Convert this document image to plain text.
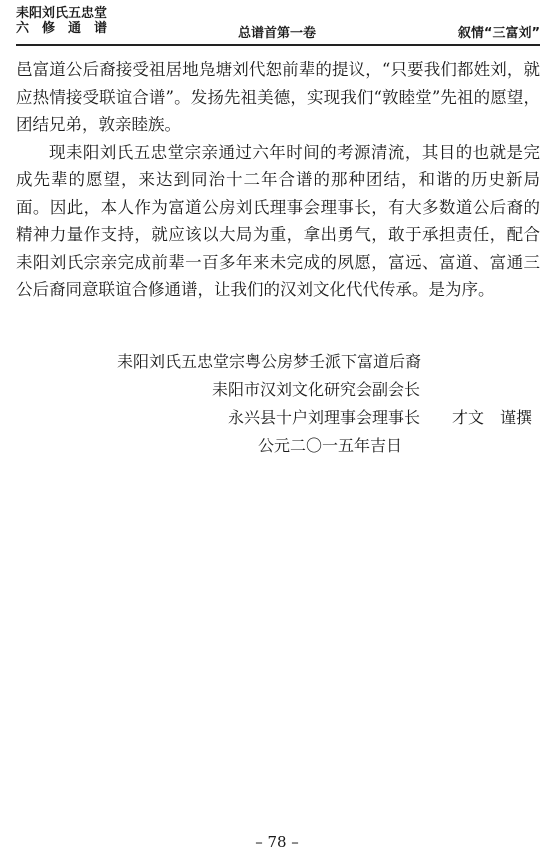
耒阳刘氏五忠堂
六修通谱	总谱首第一卷	叙情“三富刘”

邑富道公后裔接受祖居地凫塘刘代恕前辈的提议，“只要我们都姓刘，就应热情接受联谊合谱”。发扬先祖美德，实现我们“敦睦堂”先祖的愿望，团结兄弟，敦亲睦族。

现耒阳刘氏五忠堂宗亲通过六年时间的考源清流，其目的也就是完成先辈的愿望，来达到同治十二年合谱的那种团结，和谐的历史新局面。因此，本人作为富道公房刘氏理事会理事长，有大多数道公后裔的精神力量作支持，就应该以大局为重，拿出勇气，敢于承担责任，配合耒阳刘氏宗亲完成前辈一百多年来未完成的夙愿，富远、富道、富通三公后裔同意联谊合修通谱，让我们的汉刘文化代代传承。是为序。

耒阳刘氏五忠堂宗粤公房梦壬派下富道后裔
耒阳市汉刘文化研究会副会长
永兴县十户刘理事会理事长 才文　谨撰
公元二〇一五年吉日
– 78 –
